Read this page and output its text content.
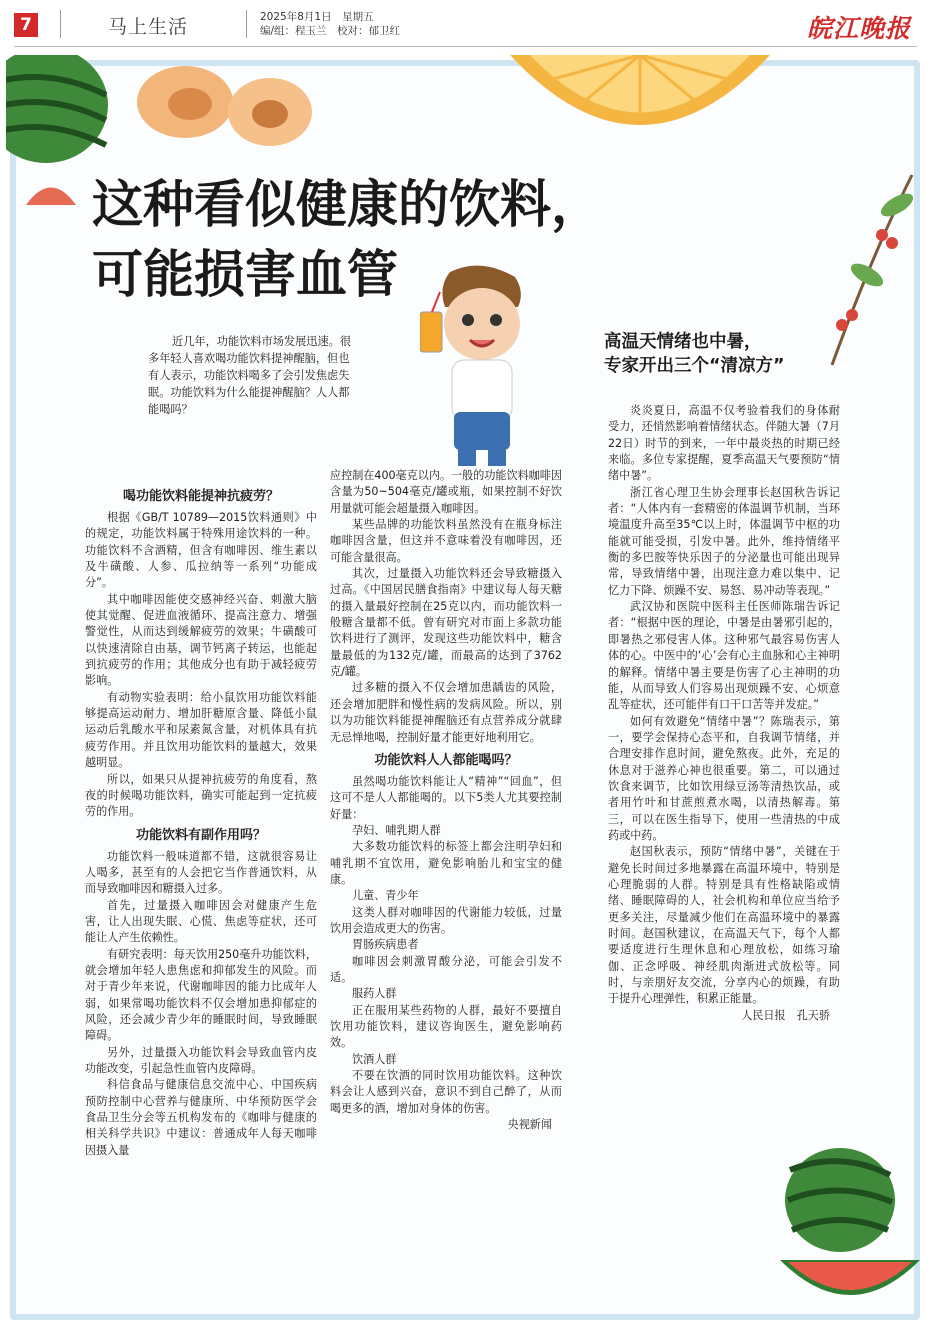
7	马上生活	2025年8月1日　星期五
编/组：程玉兰　校对：郁卫红	皖江晚报
这种看似健康的饮料，
可能损害血管
近几年，功能饮料市场发展迅速。很多年轻人喜欢喝功能饮料提神醒脑，但也有人表示，功能饮料喝多了会引发焦虑失眠。功能饮料为什么能提神醒脑？人人都能喝吗？
高温天情绪也中暑，
专家开出三个“清凉方”
喝功能饮料能提神抗疲劳？

根据《GB/T 10789—2015饮料通则》中的规定，功能饮料属于特殊用途饮料的一种。功能饮料不含酒精，但含有咖啡因、维生素以及牛磺酸、人参、瓜拉纳等一系列“功能成分”。

其中咖啡因能使交感神经兴奋、刺激大脑使其觉醒、促进血液循环、提高注意力、增强警觉性，从而达到缓解疲劳的效果；牛磺酸可以快速清除自由基，调节钙离子转运，也能起到抗疲劳的作用；其他成分也有助于减轻疲劳影响。

有动物实验表明：给小鼠饮用功能饮料能够提高运动耐力、增加肝糖原含量、降低小鼠运动后乳酸水平和尿素氮含量，对机体具有抗疲劳作用。并且饮用功能饮料的量越大，效果越明显。

所以，如果只从提神抗疲劳的角度看，熬夜的时候喝功能饮料，确实可能起到一定抗疲劳的作用。

功能饮料有副作用吗？

功能饮料一般味道都不错，这就很容易让人喝多，甚至有的人会把它当作普通饮料，从而导致咖啡因和糖摄入过多。

首先，过量摄入咖啡因会对健康产生危害，让人出现失眠、心慌、焦虑等症状，还可能让人产生依赖性。

有研究表明：每天饮用250毫升功能饮料，就会增加年轻人患焦虑和抑郁发生的风险。而对于青少年来说，代谢咖啡因的能力比成年人弱，如果常喝功能饮料不仅会增加患抑郁症的风险，还会减少青少年的睡眠时间，导致睡眠障碍。

另外，过量摄入功能饮料会导致血管内皮功能改变，引起急性血管内皮障碍。

科信食品与健康信息交流中心、中国疾病预防控制中心营养与健康所、中华预防医学会食品卫生分会等五机构发布的《咖啡与健康的相关科学共识》中建议：普通成年人每天咖啡因摄入量

应控制在400毫克以内。一般的功能饮料咖啡因含量为50~504毫克/罐或瓶，如果控制不好饮用量就可能会超量摄入咖啡因。

某些品牌的功能饮料虽然没有在瓶身标注咖啡因含量，但这并不意味着没有咖啡因，还可能含量很高。

其次，过量摄入功能饮料还会导致糖摄入过高。《中国居民膳食指南》中建议每人每天糖的摄入量最好控制在25克以内，而功能饮料一般糖含量都不低。曾有研究对市面上多款功能饮料进行了测评，发现这些功能饮料中，糖含量最低的为132克/罐，而最高的达到了3762克/罐。

过多糖的摄入不仅会增加患龋齿的风险，还会增加肥胖和慢性病的发病风险。所以，别以为功能饮料能提神醒脑还有点营养成分就肆无忌惮地喝，控制好量才能更好地利用它。

功能饮料人人都能喝吗？

虽然喝功能饮料能让人“精神”“回血”，但这可不是人人都能喝的。以下5类人尤其要控制好量：

孕妇、哺乳期人群

大多数功能饮料的标签上都会注明孕妇和哺乳期不宜饮用，避免影响胎儿和宝宝的健康。

儿童、青少年

这类人群对咖啡因的代谢能力较低，过量饮用会造成更大的伤害。

胃肠疾病患者

咖啡因会刺激胃酸分泌，可能会引发不适。

服药人群

正在服用某些药物的人群，最好不要擅自饮用功能饮料，建议咨询医生，避免影响药效。

饮酒人群

不要在饮酒的同时饮用功能饮料。这种饮料会让人感到兴奋，意识不到自己醉了，从而喝更多的酒，增加对身体的伤害。

央视新闻

炎炎夏日，高温不仅考验着我们的身体耐受力，还悄然影响着情绪状态。伴随大暑（7月22日）时节的到来，一年中最炎热的时期已经来临。多位专家提醒，夏季高温天气要预防“情绪中暑”。

浙江省心理卫生协会理事长赵国秋告诉记者：“人体内有一套精密的体温调节机制，当环境温度升高至35℃以上时，体温调节中枢的功能就可能受损，引发中暑。此外，维持情绪平衡的多巴胺等快乐因子的分泌量也可能出现异常，导致情绪中暑，出现注意力难以集中、记忆力下降、烦躁不安、易怒、易冲动等表现。”

武汉协和医院中医科主任医师陈瑞告诉记者：“根据中医的理论，中暑是由暑邪引起的，即暑热之邪侵害人体。这种邪气最容易伤害人体的心。中医中的‘心’会有心主血脉和心主神明的解释。情绪中暑主要是伤害了心主神明的功能，从而导致人们容易出现烦躁不安、心烦意乱等症状，还可能伴有口干口苦等并发症。”

如何有效避免“情绪中暑”？陈瑞表示，第一，要学会保持心态平和，自我调节情绪，并合理安排作息时间，避免熬夜。此外，充足的休息对于滋养心神也很重要。第二，可以通过饮食来调节，比如饮用绿豆汤等清热饮品，或者用竹叶和甘蔗煎煮水喝，以清热解毒。第三，可以在医生指导下，使用一些清热的中成药或中药。

赵国秋表示，预防“情绪中暑”，关键在于避免长时间过多地暴露在高温环境中，特别是心理脆弱的人群。特别是具有性格缺陷或情绪、睡眠障碍的人，社会机构和单位应当给予更多关注，尽量减少他们在高温环境中的暴露时间。赵国秋建议，在高温天气下，每个人都要适度进行生理休息和心理放松，如练习瑜伽、正念呼吸、神经肌肉渐进式放松等。同时，与亲朋好友交流，分享内心的烦躁，有助于提升心理弹性，积累正能量。

人民日报　孔天骄
